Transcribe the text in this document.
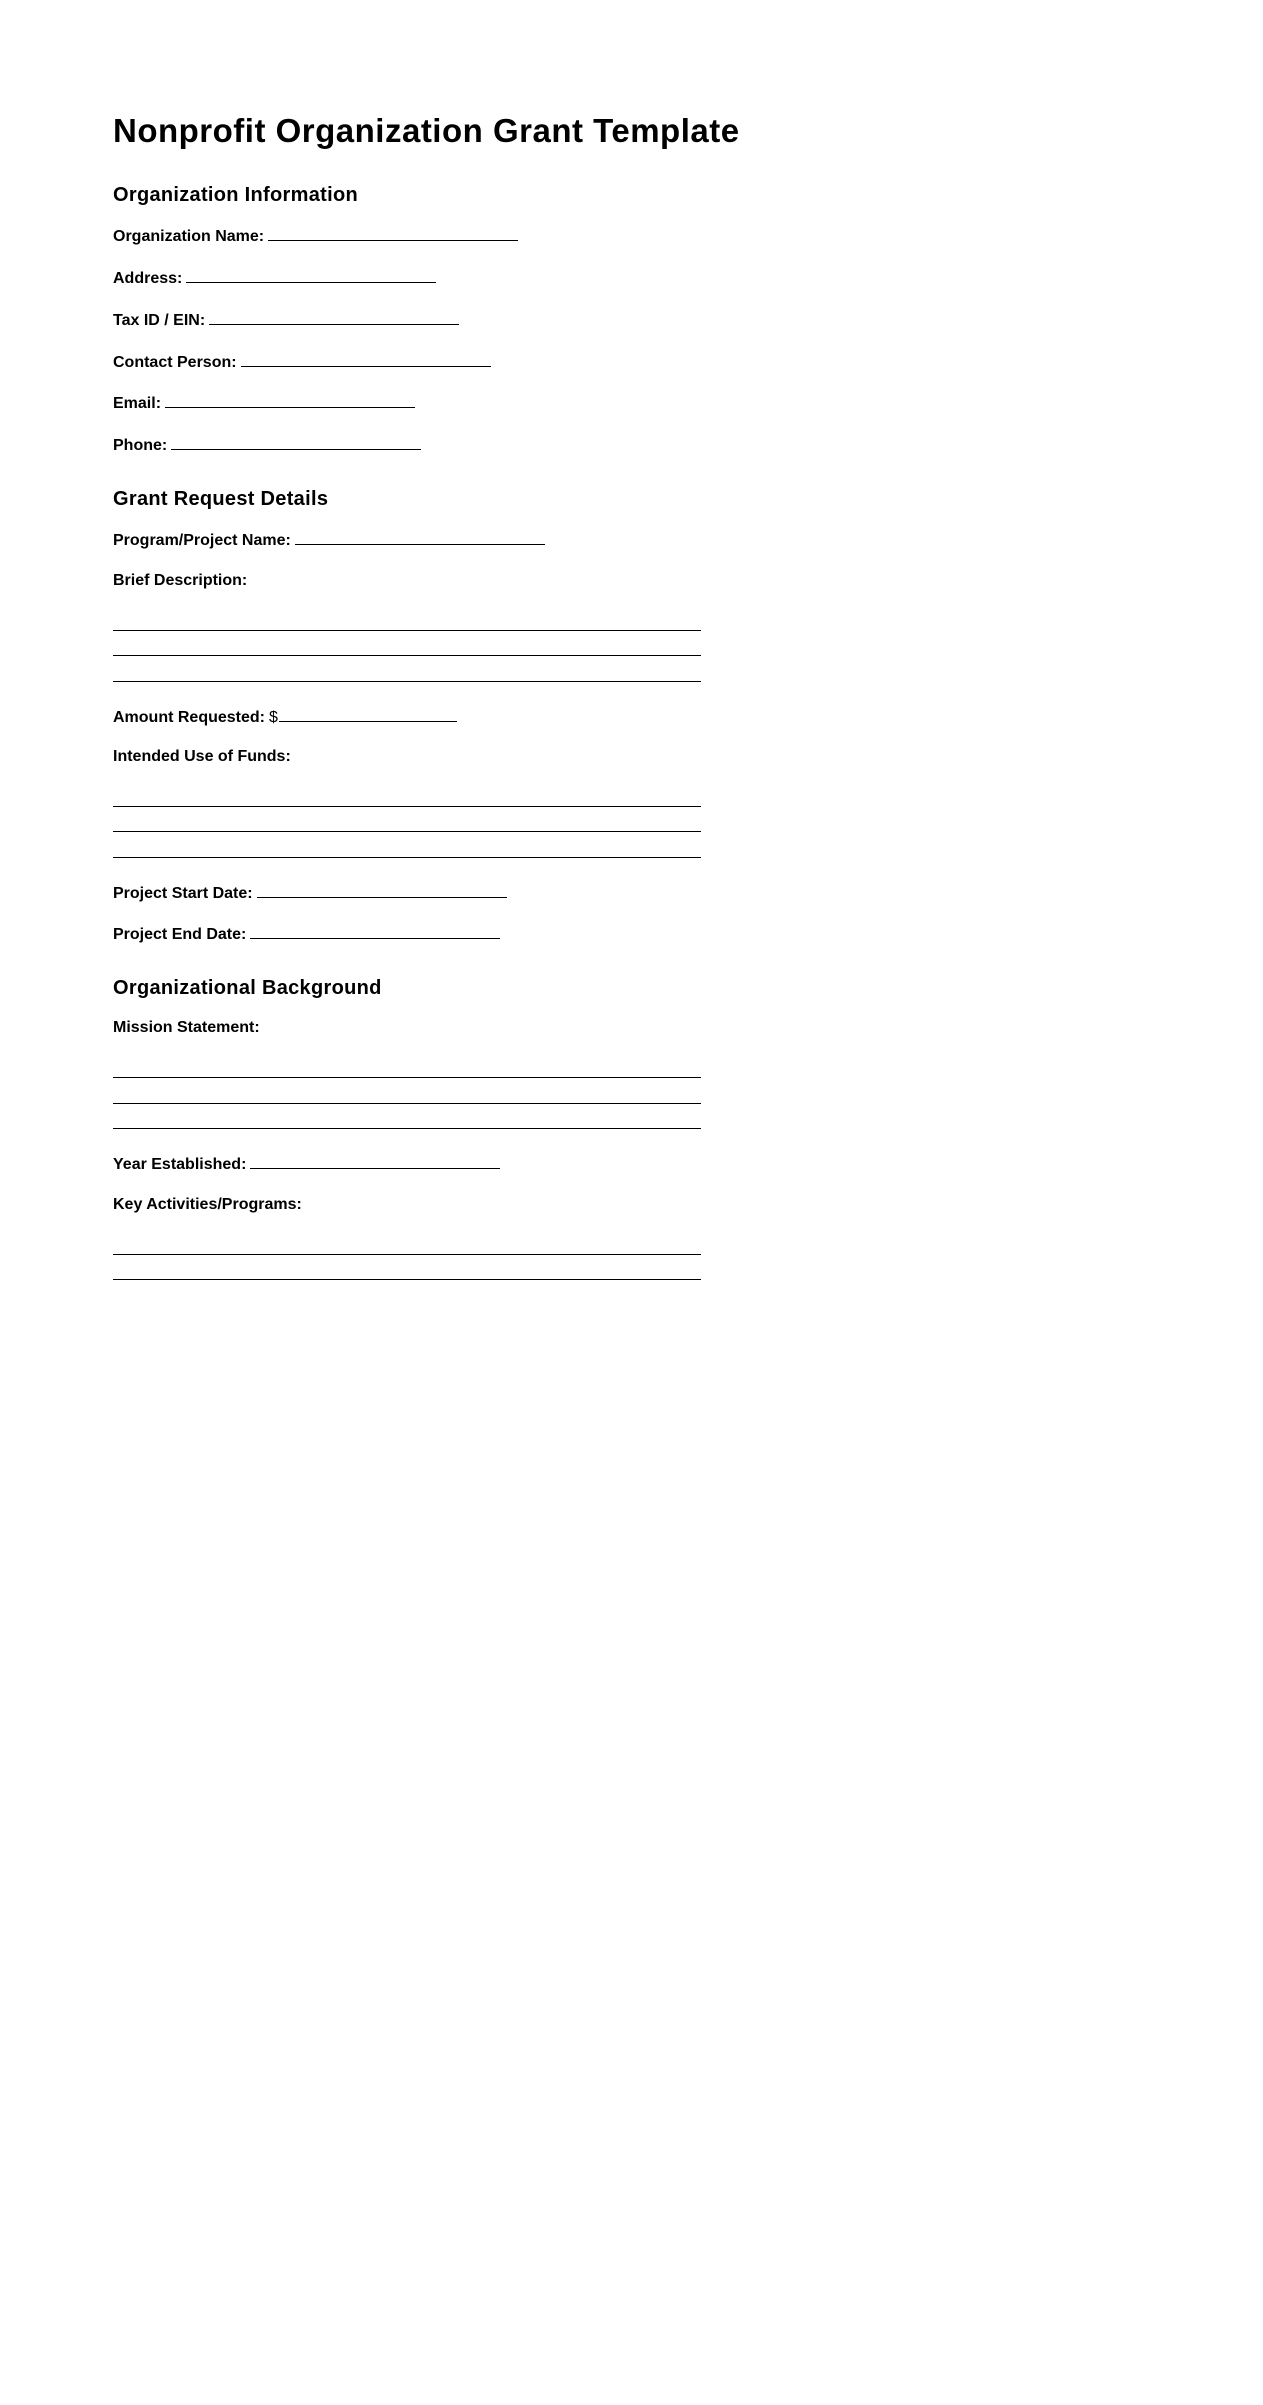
Nonprofit Organization Grant Template
Organization Information
Organization Name:
Address:
Tax ID / EIN:
Contact Person:
Email:
Phone:
Grant Request Details
Program/Project Name:
Brief Description:
Amount Requested: $
Intended Use of Funds:
Project Start Date:
Project End Date:
Organizational Background
Mission Statement:
Year Established:
Key Activities/Programs:
